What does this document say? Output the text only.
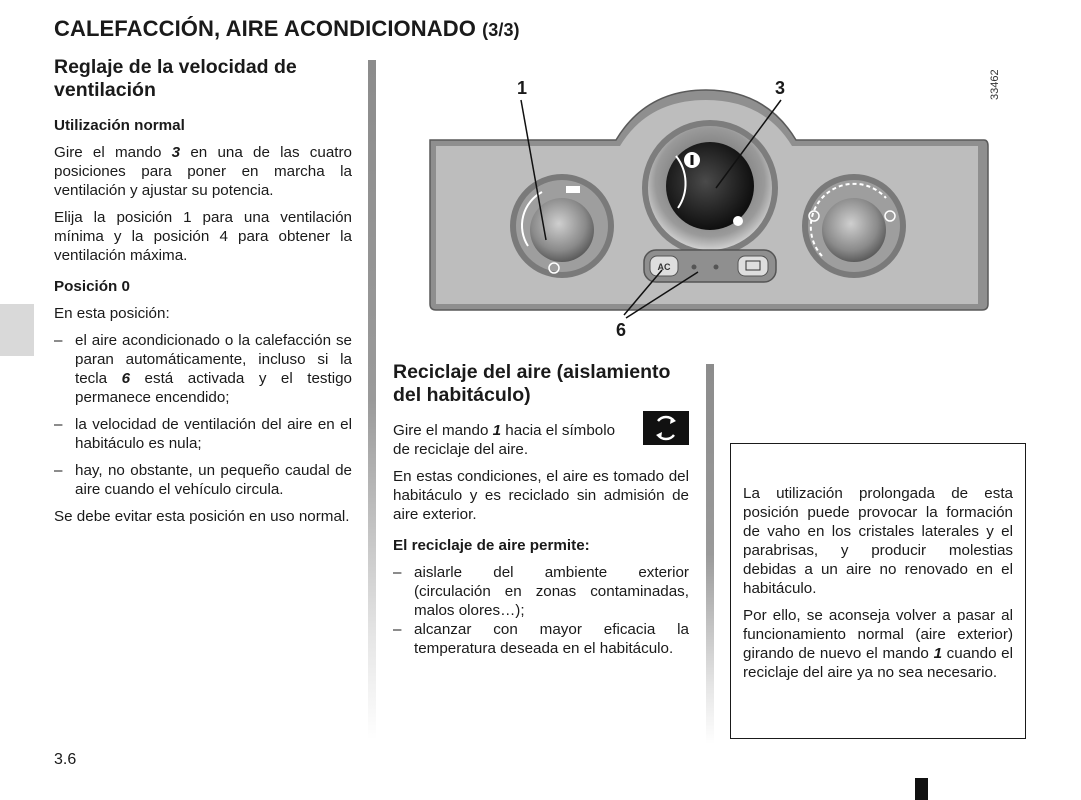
CALEFACCIÓN, AIRE ACONDICIONADO (3/3)
Reglaje de la velocidad de ventilación
Utilización normal

Gire el mando 3 en una de las cuatro posiciones para poner en marcha la ventilación y ajustar su potencia.

Elija la posición 1 para una ventilación mínima y la posición 4 para obtener la ventilación máxima.

Posición 0

En esta posición:

– el aire acondicionado o la calefacción se paran automáticamente, incluso si la tecla 6 está activada y el testigo permanece encendido;
– la velocidad de ventilación del aire en el habitáculo es nula;
– hay, no obstante, un pequeño caudal de aire cuando el vehículo circula.

Se debe evitar esta posición en uso normal.

AC
1	3
6
33462
Reciclaje del aire (aislamiento del habitáculo)
Gire el mando 1 hacia el símbolo

de reciclaje del aire.

En estas condiciones, el aire es tomado del habitáculo y es reciclado sin admisión de aire exterior.

El reciclaje de aire permite:
– aislarle del ambiente exterior (circulación en zonas contaminadas, malos olores…);
– alcanzar con mayor eficacia la temperatura deseada en el habitáculo.

La utilización prolongada de esta posición puede provocar la formación de vaho en los cristales laterales y el parabrisas, y producir molestias debidas a un aire no renovado en el habitáculo.

Por ello, se aconseja volver a pasar al funcionamiento normal (aire exterior) girando de nuevo el mando 1 cuando el reciclaje del aire ya no sea necesario.

3.6
